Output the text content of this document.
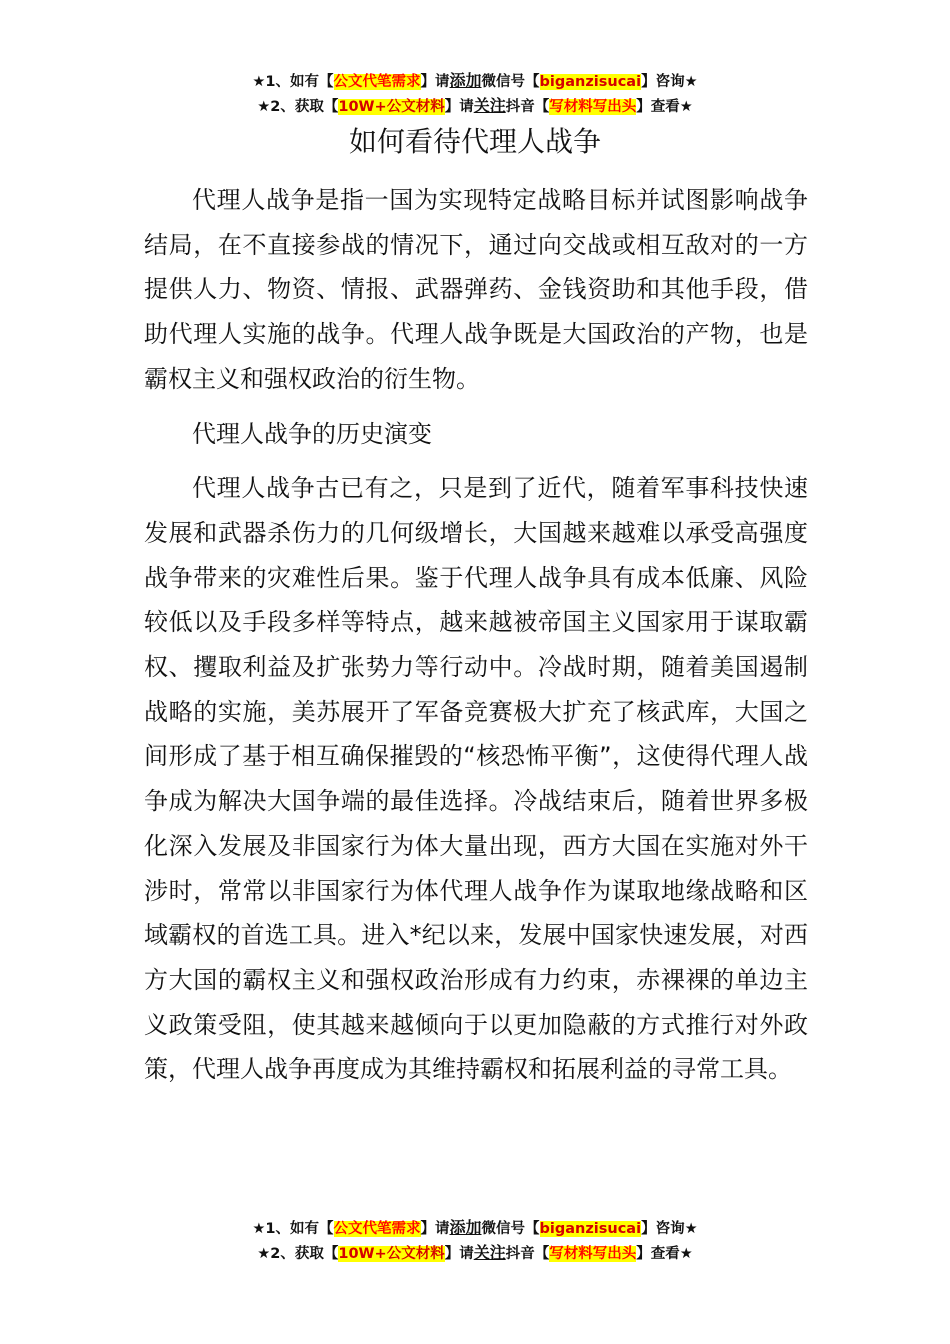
★1、如有【公文代笔需求】请添加微信号【biganzisucai】咨询★
★2、获取【10W+公文材料】请关注抖音【写材料写出头】查看★
如何看待代理人战争

代理人战争是指一国为实现特定战略目标并试图影响战争结局，在不直接参战的情况下，通过向交战或相互敌对的一方提供人力、物资、情报、武器弹药、金钱资助和其他手段，借助代理人实施的战争。代理人战争既是大国政治的产物，也是霸权主义和强权政治的衍生物。

代理人战争的历史演变

代理人战争古已有之，只是到了近代，随着军事科技快速发展和武器杀伤力的几何级增长，大国越来越难以承受高强度战争带来的灾难性后果。鉴于代理人战争具有成本低廉、风险较低以及手段多样等特点，越来越被帝国主义国家用于谋取霸权、攫取利益及扩张势力等行动中。冷战时期，随着美国遏制战略的实施，美苏展开了军备竞赛极大扩充了核武库，大国之间形成了基于相互确保摧毁的“核恐怖平衡”，这使得代理人战争成为解决大国争端的最佳选择。冷战结束后，随着世界多极化深入发展及非国家行为体大量出现，西方大国在实施对外干涉时，常常以非国家行为体代理人战争作为谋取地缘战略和区域霸权的首选工具。进入*纪以来，发展中国家快速发展，对西方大国的霸权主义和强权政治形成有力约束，赤裸裸的单边主义政策受阻，使其越来越倾向于以更加隐蔽的方式推行对外政策，代理人战争再度成为其维持霸权和拓展利益的寻常工具。

★1、如有【公文代笔需求】请添加微信号【biganzisucai】咨询★
★2、获取【10W+公文材料】请关注抖音【写材料写出头】查看★
